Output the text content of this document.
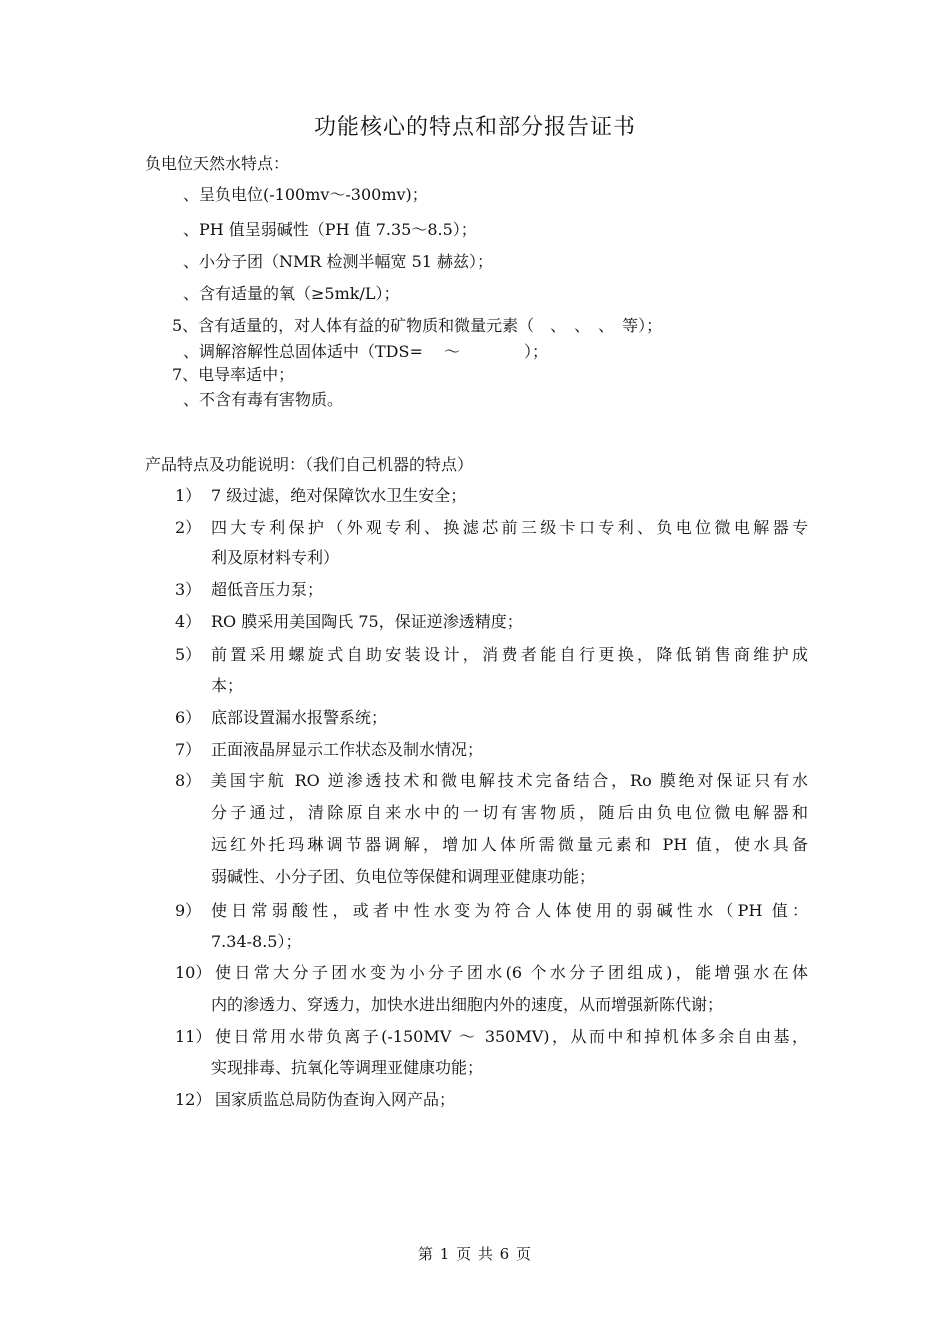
功能核心的特点和部分报告证书
负电位天然水特点：
、呈负电位(-100mv～-300mv)；
、PH 值呈弱碱性（PH 值 7.35～8.5）；
、小分子团（NMR 检测半幅宽 51 赫兹）；
、含有适量的氧（≥5mk/L）；
5、含有适量的，对人体有益的矿物质和微量元素（　、　、　、　等）；
、调解溶解性总固体适中（TDS=　 ～　　　　）；
7、电导率适中；
、不含有毒有害物质。
产品特点及功能说明：（我们自己机器的特点）
1） 7 级过滤，绝对保障饮水卫生安全；
2） 四大专利保护（外观专利、换滤芯前三级卡口专利、负电位微电解器专
利及原材料专利）
3） 超低音压力泵；
4） RO 膜采用美国陶氏 75，保证逆渗透精度；
5） 前置采用螺旋式自助安装设计，消费者能自行更换，降低销售商维护成
本；
6） 底部设置漏水报警系统；
7） 正面液晶屏显示工作状态及制水情况；
8） 美国宇航 RO 逆渗透技术和微电解技术完备结合，Ro 膜绝对保证只有水
分子通过，清除原自来水中的一切有害物质，随后由负电位微电解器和
远红外托玛琳调节器调解，增加人体所需微量元素和 PH 值，使水具备
弱碱性、小分子团、负电位等保健和调理亚健康功能；
9） 使日常弱酸性，或者中性水变为符合人体使用的弱碱性水（PH 值：
7.34-8.5）；
10） 使日常大分子团水变为小分子团水(6 个水分子团组成)，能增强水在体
内的渗透力、穿透力，加快水进出细胞内外的速度，从而增强新陈代谢；
11） 使日常用水带负离子(-150MV ～ 350MV)，从而中和掉机体多余自由基，
实现排毒、抗氧化等调理亚健康功能；
12） 国家质监总局防伪查询入网产品；
第 1 页 共 6 页
